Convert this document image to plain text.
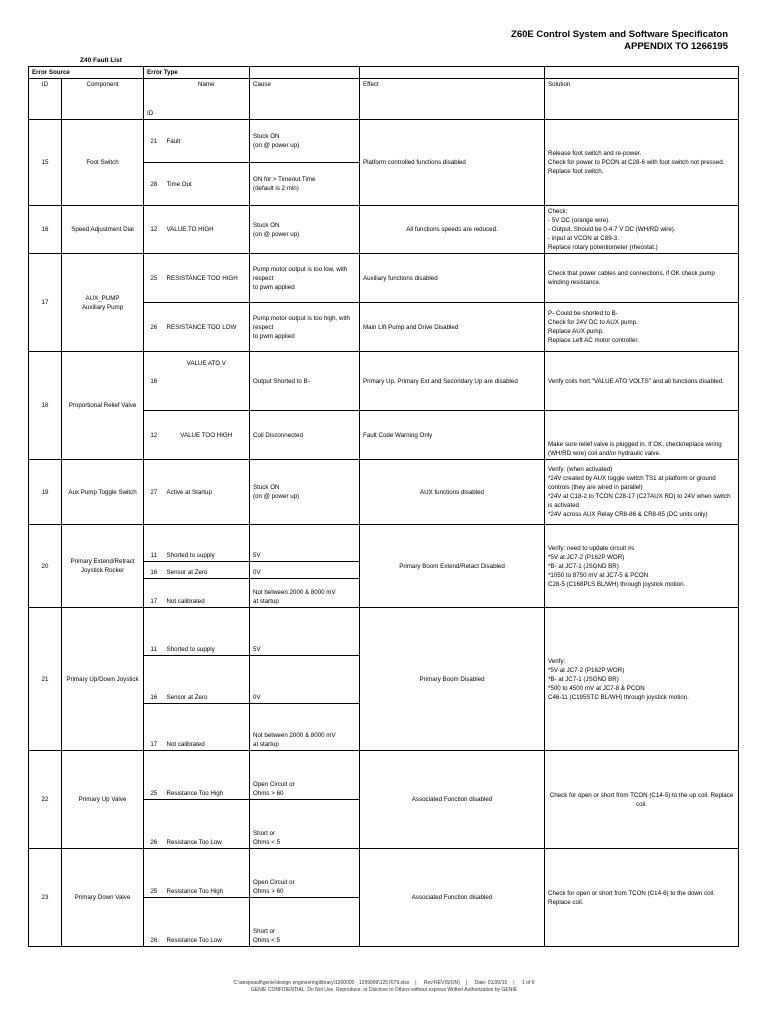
Z60E Control System and Software Specificaton
APPENDIX TO 1266195
Z40 Fault List
Error Source		Error Type				
ID	Component	ID	Name	Cause	Effect	Solution
15	Foot Switch	21	Fault	Stuck ON
(on @ power up)	Platform controlled functions disabled	Release foot switch and re-power.
Check for power to PCON at C28-6 with foot switch not pressed.
Replace foot switch.

		28	Time Out	ON for > Timeout Time
(default is 2 min)		

16	Speed Adjustment Dial	12	VALUE TO HIGH	Stuck ON
(on @ power up)	All functions speeds are reduced.	Check:
- 5V DC (orange wire).
- Output. Should be 0-4.7 V DC (WH/RD wire).
- input at VCON at C89-3.
Replace rotary potentiometer (rheostat.)

17	AUX_PUMP
Auxiliary Pump	25	RESISTANCE TOO HIGH	Pump motor output is too low, with respect
to pwm applied	Auxiliary functions disabled	Check that power cables and connections, if OK check pump winding resistance.

		26	RESISTANCE TOO LOW	Pump motor output is too high, with respect
to pwm applied	Main Lift Pump and Drive Disabled	P- Could be shorted to B-
Check for 24V DC to AUX pump.
Replace AUX pump.
Replace Left AC motor controller.

18	Proportional Relief Valve	16	VALUE ATO V	Output Shorted to B-	Primary Up, Primary Ext and Secondary Up are disabled	Verify coils hort "VALUE ATO VOLTS" and all functions disabled.
		12	VALUE TOO HIGH	Coil Disconnected	Fault Code Warning Only	Make sure relief valve is plugged in. If OK, check/replace wiring (WH/RD wire) coil and/or hydraulic valve.
19	Aux Pump Toggle Switch	27	Active at Startup	Stuck ON
(on @ power up)	AUX functions disabled	Verify: (when activated)
*24V created by AUX toggle switch TS1 at platform or ground controls (they are wired in parallel)
*24V at C18-2 to TCON C28-17 (C27AUX RD) to 24V when switch is activated
*24V across AUX Relay CR8-86 & CR8-85 (DC units only)

20	Primary Extend/Retract Joystick Rocker	11	Shorted to supply	5V	Primary Boom Extend/Retact Disabled	Verify: need to update circuit #s
*5V at JC7-2 (P162P WOR)
*B- at JC7-1 (JSGND BR)
*1050 to 8750 mV at JC7-5 & PCON
C28-5 (C168PLS BL/WH) through joystick motion.

		16	Sensor at Zero	0V		
		17	Not calibrated	Not between 2000 & 8000 mV
at startup		

21	Primary Up/Down Joystick	11	Shorted to supply	5V	Primary Boom Disabled	Verify:
*5V at JC7-2 (P162P WOR)
*B- at JC7-1 (JSGND BR)
*500 to 4500 mV at JC7-8 & PCON
C46-11 (C195STC BL/WH) through joystick motion.

		16	Sensor at Zero	0V		
		17	Not calibrated	Not between 2000 & 8000 mV
at startup		

22	Primary Up Valve	25	Resistance Too High	Open Circuit or
Ohms > 60	Associated Function disabled	Check for open or short from TCON (C14-5) to the up coil. Replace coil.
		26	Resistance Too Low	Short or
Ohms < 5		

23	Primary Down Valve	25	Resistance Too High	Open Circuit or
Ohms > 60	Associated Function disabled	Check for open or short from TCON (C14-6) to the down coil.
Replace coil.

		26	Resistance Too Low	Short or
Ohms < 5		
C:\aespvault\genie\design engineering\library\1200000 - 1299999\1257679.xlsx | Rev:REVISION) | Date: 01/30/15 | 1 of 6
GENIE CONFIDENTIAL: Do Not Use, Reproduce, or Disclose to Others without express Written Authorization by GENIE
